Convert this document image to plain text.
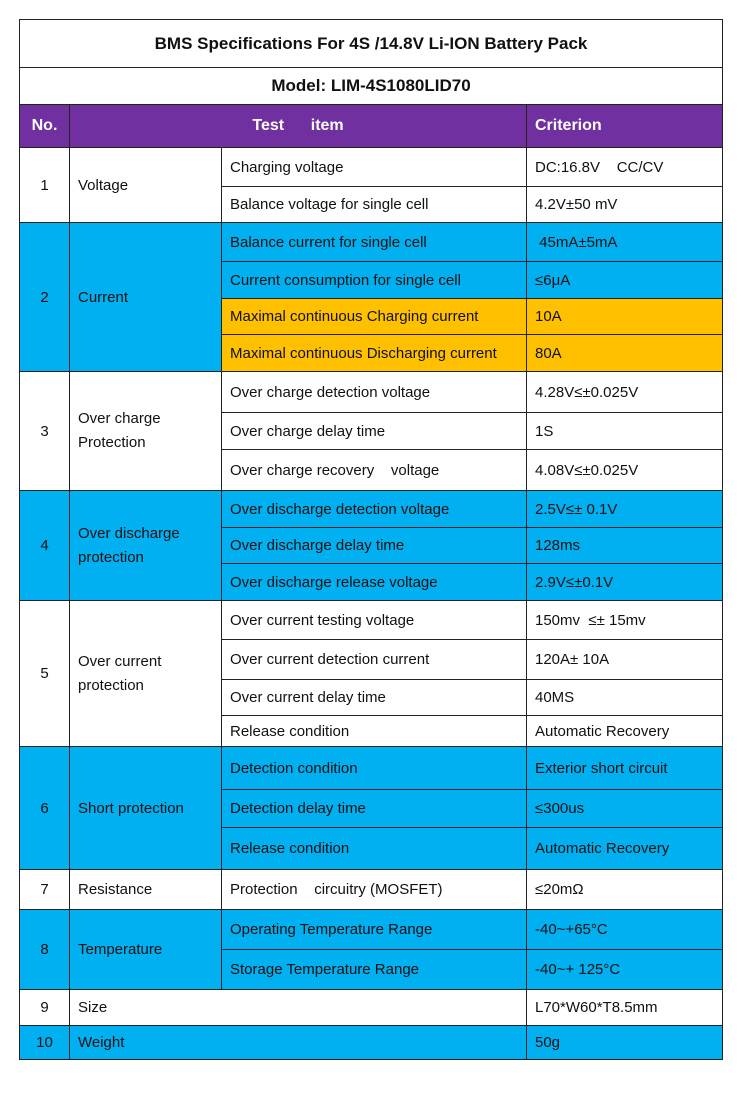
BMS Specifications For 4S /14.8V Li-ION Battery Pack			
Model: LIM-4S1080LID70			
No.	Test      item		Criterion
1	Voltage	Charging voltage	DC:16.8V    CC/CV
		Balance voltage for single cell	4.2V±50 mV
2	Current	Balance current for single cell	45mA±5mA
		Current consumption for single cell	≤6μA
		Maximal continuous Charging current	10A
		Maximal continuous Discharging current	80A
3	Over charge Protection	Over charge detection voltage	4.28V≤±0.025V
		Over charge delay time	1S
		Over charge recovery    voltage	4.08V≤±0.025V
4	Over discharge protection	Over discharge detection voltage	2.5V≤± 0.1V
		Over discharge delay time	128ms
		Over discharge release voltage	2.9V≤±0.1V
5	Over current protection	Over current testing voltage	150mv  ≤± 15mv
		Over current detection current	120A± 10A
		Over current delay time	40MS
		Release condition	Automatic Recovery
6	Short protection	Detection condition	Exterior short circuit
		Detection delay time	≤300us
		Release condition	Automatic Recovery
7	Resistance	Protection    circuitry (MOSFET)	≤20mΩ
8	Temperature	Operating Temperature Range	-40~+65°C
		Storage Temperature Range	-40~+ 125°C
9	Size		L70*W60*T8.5mm
10	Weight		50g
